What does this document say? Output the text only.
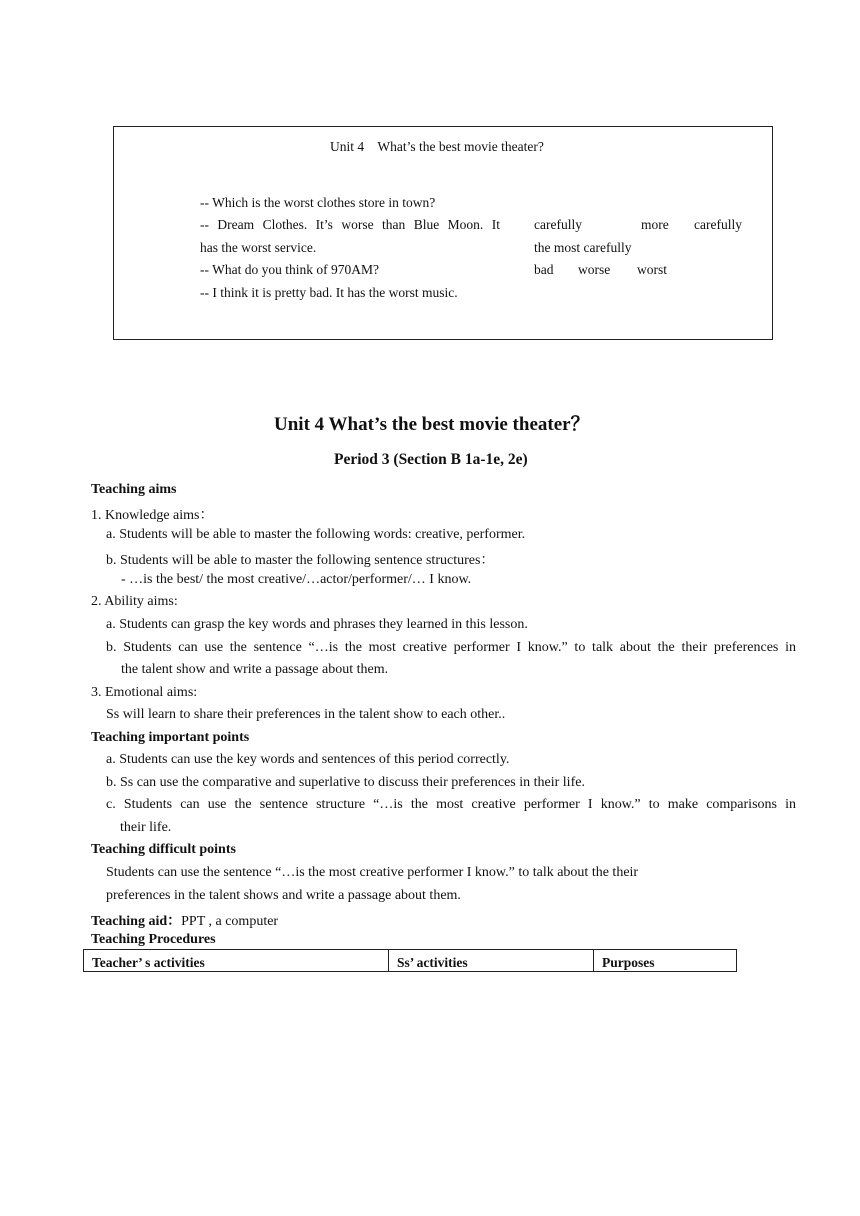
Unit 4    What’s the best movie theater?
-- Which is the worst clothes store in town?
-- Dream Clothes. It’s worse than Blue Moon. It
has the worst service.
-- What do you think of 970AM?
-- I think it is pretty bad. It has the worst music.
carefully	more carefully
the most carefully
bad worse worst
Unit 4 What’s the best movie theater？
Period 3 (Section B 1a-1e, 2e)
Teaching aims
1. Knowledge aims：
a. Students will be able to master the following words: creative, performer.
b. Students will be able to master the following sentence structures：
- …is the best/ the most creative/…actor/performer/… I know.
2. Ability aims:
a. Students can grasp the key words and phrases they learned in this lesson.
b. Students can use the sentence “…is the most creative performer I know.” to talk about the their preferences in
the talent show and write a passage about them.
3. Emotional aims:
Ss will learn to share their preferences in the talent show to each other..
Teaching important points
a. Students can use the key words and sentences of this period correctly.
b. Ss can use the comparative and superlative to discuss their preferences in their life.
c. Students can use the sentence structure “…is the most creative performer I know.” to make comparisons in
their life.
Teaching difficult points
Students can use the sentence “…is the most creative performer I know.” to talk about the their
preferences in the talent shows and write a passage about them.
Teaching aid：PPT , a computer
Teaching Procedures
Teacher’ s activities	Ss’ activities	Purposes
